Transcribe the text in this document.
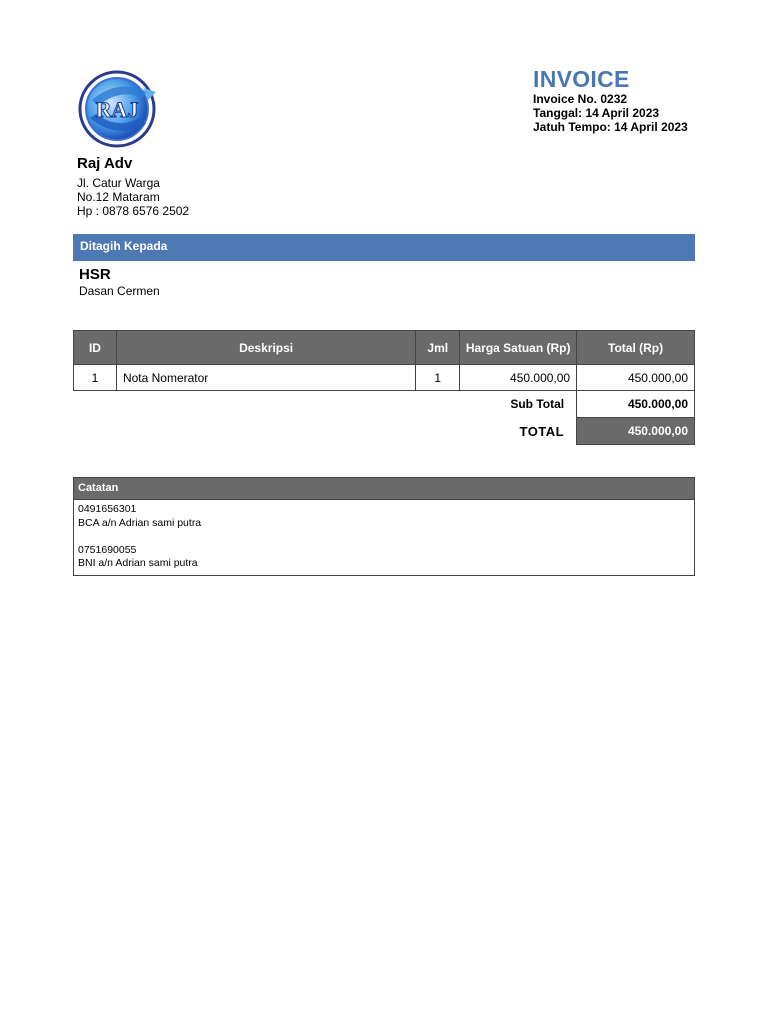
RAJ
INVOICE
Invoice No. 0232
Tanggal: 14 April 2023
Jatuh Tempo: 14 April 2023
Raj Adv
Jl. Catur Warga
No.12 Mataram
Hp : 0878 6576 2502
Ditagih Kepada
HSR
Dasan Cermen
ID	Deskripsi	Jml	Harga Satuan (Rp)	Total (Rp)
1	Nota Nomerator	1	450.000,00	450.000,00
			Sub Total	450.000,00
			TOTAL	450.000,00
Catatan
0491656301
BCA a/n Adrian sami putra
0751690055
BNI a/n Adrian sami putra
